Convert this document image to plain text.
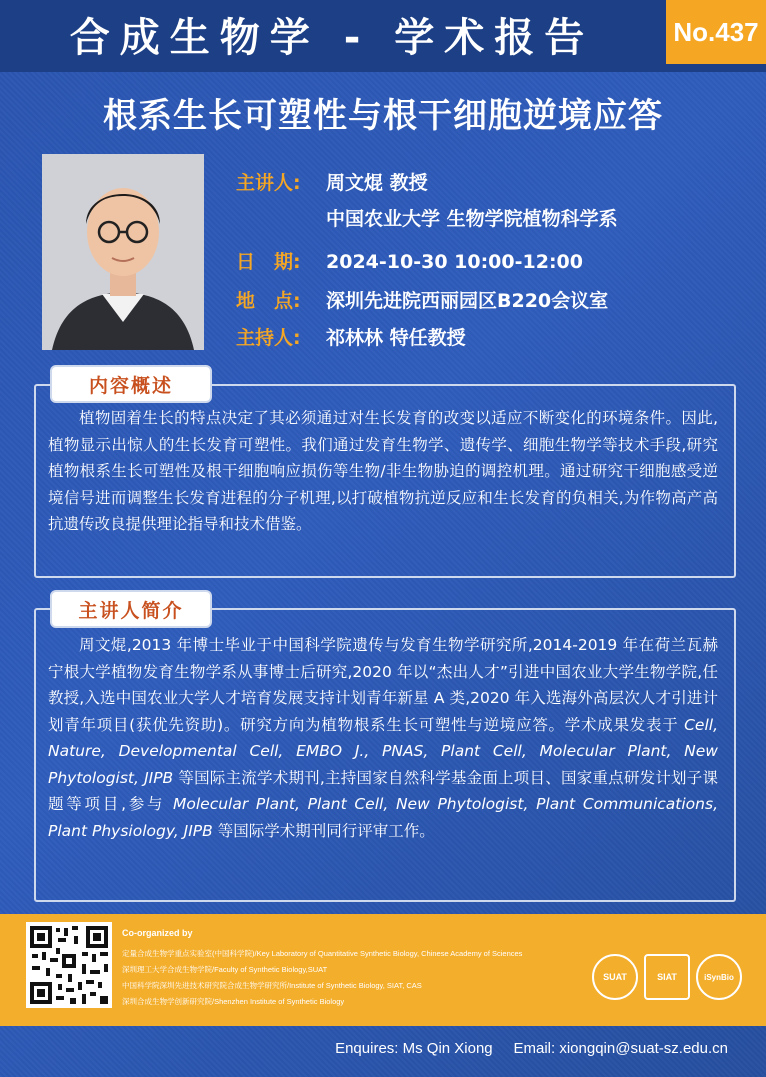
合成生物学 - 学术报告	No.437
根系生长可塑性与根干细胞逆境应答
主讲人: 周文焜 教授
中国农业大学 生物学院植物科学系
日　期: 2024-10-30 10:00-12:00
地　点: 深圳先进院西丽园区B220会议室
主持人: 祁林林 特任教授
内容概述
植物固着生长的特点决定了其必须通过对生长发育的改变以适应不断变化的环境条件。因此,植物显示出惊人的生长发育可塑性。我们通过发育生物学、遗传学、细胞生物学等技术手段,研究植物根系生长可塑性及根干细胞响应损伤等生物/非生物胁迫的调控机理。通过研究干细胞感受逆境信号进而调整生长发育进程的分子机理,以打破植物抗逆反应和生长发育的负相关,为作物高产高抗遗传改良提供理论指导和技术借鉴。
主讲人简介
周文焜,2013 年博士毕业于中国科学院遗传与发育生物学研究所,2014-2019 年在荷兰瓦赫宁根大学植物发育生物学系从事博士后研究,2020 年以“杰出人才”引进中国农业大学生物学院,任教授,入选中国农业大学人才培育发展支持计划青年新星 A 类,2020 年入选海外高层次人才引进计划青年项目(获优先资助)。研究方向为植物根系生长可塑性与逆境应答。学术成果发表于 Cell, Nature, Developmental Cell, EMBO J., PNAS, Plant Cell, Molecular Plant, New Phytologist, JIPB 等国际主流学术期刊,主持国家自然科学基金面上项目、国家重点研发计划子课题等项目,参与 Molecular Plant, Plant Cell, New Phytologist, Plant Communications, Plant Physiology, JIPB 等国际学术期刊同行评审工作。
Co-organized by
定量合成生物学重点实验室(中国科学院)/Key Laboratory of Quantitative Synthetic Biology, Chinese Academy of Sciences
深圳理工大学合成生物学院/Faculty of Synthetic Biology,SUAT
中国科学院深圳先进技术研究院合成生物学研究所/Institute of Synthetic Biology, SIAT, CAS
深圳合成生物学创新研究院/Shenzhen Institute of Synthetic Biology
SUAT	SIAT	iSynBio
Enquires: Ms Qin Xiong Email: xiongqin@suat-sz.edu.cn
